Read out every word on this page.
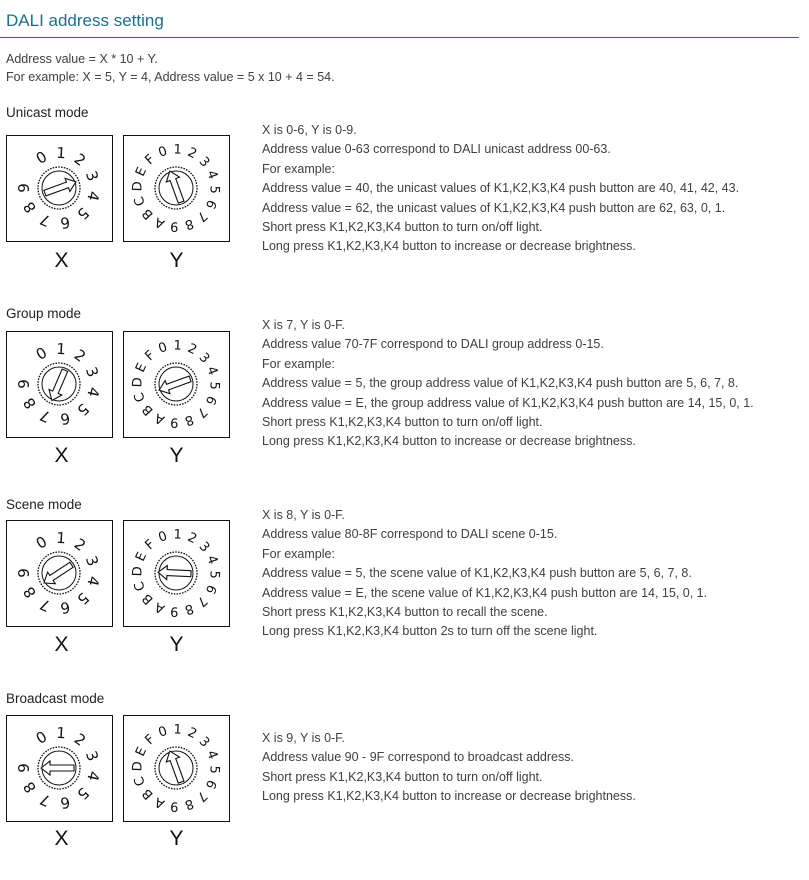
DALI address setting
Address value = X * 10 + Y.
For example: X = 5, Y = 4, Address value = 5 x 10 + 4 = 54.
Unicast mode
0 1 2
3
4
5
6
7
8
9
0 1 2
3
4
5
6
7
8
9
A
B
C
D
E
F
X	Y
X is 0-6, Y is 0-9.
Address value 0-63 correspond to DALI unicast address 00-63.
For example:
Address value = 40, the unicast values of K1,K2,K3,K4 push button are 40, 41, 42, 43.
Address value = 62, the unicast values of K1,K2,K3,K4 push button are 62, 63, 0, 1.
Short press K1,K2,K3,K4 button to turn on/off light.
Long press K1,K2,K3,K4 button to increase or decrease brightness.
Group mode
0 1 2
3
4
5
6
7
8
9
0 1 2
3
4
5
6
7
8
9
A
B
C
D
E
F
X	Y
X is 7, Y is 0-F.
Address value 70-7F correspond to DALI group address 0-15.
For example:
Address value = 5, the group address value of K1,K2,K3,K4 push button are 5, 6, 7, 8.
Address value = E, the group address value of K1,K2,K3,K4 push button are 14, 15, 0, 1.
Short press K1,K2,K3,K4 button to turn on/off light.
Long press K1,K2,K3,K4 button to increase or decrease brightness.
Scene mode
0 1 2
3
4
5
6
7
8
9
0 1 2
3
4
5
6
7
8
9
A
B
C
D
E
F
X	Y
X is 8, Y is 0-F.
Address value 80-8F correspond to DALI scene 0-15.
For example:
Address value = 5, the scene value of K1,K2,K3,K4 push button are 5, 6, 7, 8.
Address value = E, the scene value of K1,K2,K3,K4 push button are 14, 15, 0, 1.
Short press K1,K2,K3,K4 button to recall the scene.
Long press K1,K2,K3,K4 button 2s to turn off the scene light.
Broadcast mode
0 1 2
3
4
5
6
7
8
9
0 1 2
3
4
5
6
7
8
9
A
B
C
D
E
F
X	Y
X is 9, Y is 0-F.
Address value 90 - 9F correspond to broadcast address.
Short press K1,K2,K3,K4 button to turn on/off light.
Long press K1,K2,K3,K4 button to increase or decrease brightness.
